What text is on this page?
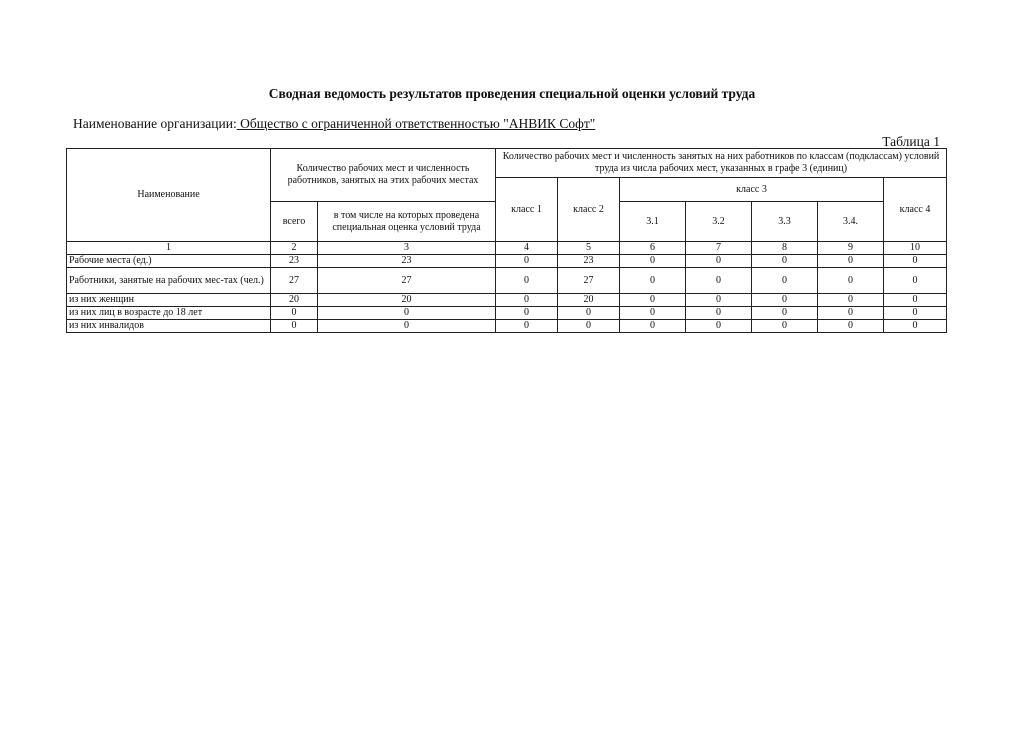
Сводная ведомость результатов проведения специальной оценки условий труда
Наименование организации: Общество с ограниченной ответственностью "АНВИК Софт"
Таблица 1
Наименование	Количество рабочих мест и численность работников, занятых на этих рабочих местах		Количество рабочих мест и численность занятых на них работников по классам (подклассам) условий труда из числа рабочих мест, указанных в графе 3 (единиц)						
			класс 1	класс 2	класс 3				класс 4
	всего	в том числе на которых проведена специальная оценка условий труда			3.1	3.2	3.3	3.4.	
1	2	3	4	5	6	7	8	9	10
Рабочие места (ед.)	23	23	0	23	0	0	0	0	0
Работники, занятые на рабочих мес-тах (чел.)	27	27	0	27	0	0	0	0	0
из них женщин	20	20	0	20	0	0	0	0	0
из них лиц в возрасте до 18 лет	0	0	0	0	0	0	0	0	0
из них инвалидов	0	0	0	0	0	0	0	0	0
